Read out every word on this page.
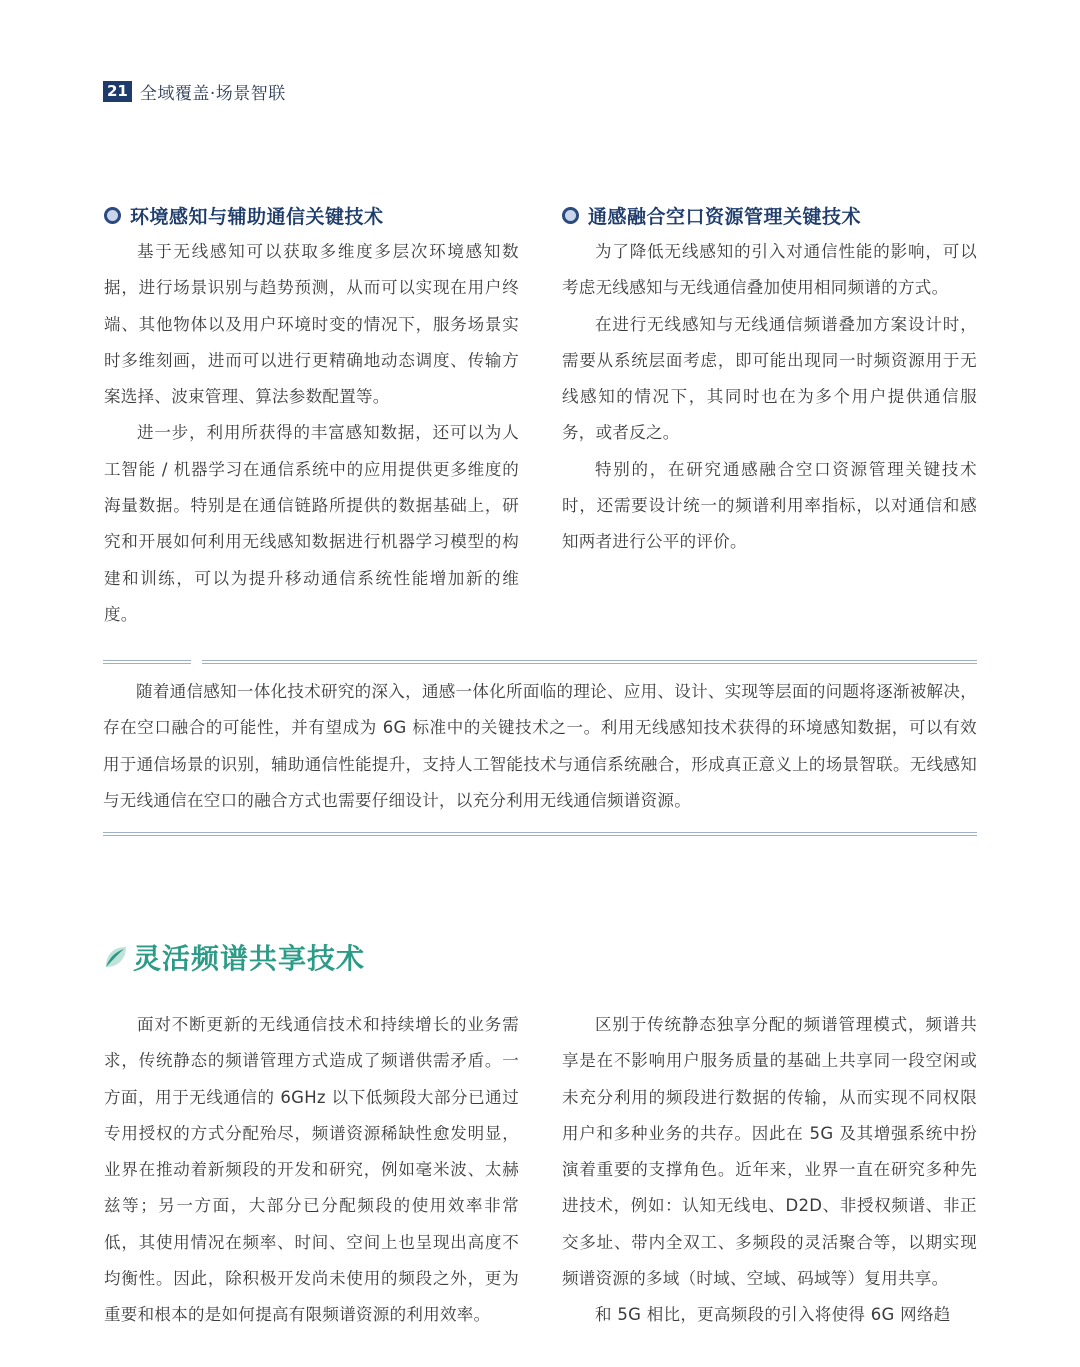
21 全域覆盖·场景智联
环境感知与辅助通信关键技术

基于无线感知可以获取多维度多层次环境感知数据，进行场景识别与趋势预测，从而可以实现在用户终端、其他物体以及用户环境时变的情况下，服务场景实时多维刻画，进而可以进行更精确地动态调度、传输方案选择、波束管理、算法参数配置等。

进一步，利用所获得的丰富感知数据，还可以为人工智能 / 机器学习在通信系统中的应用提供更多维度的海量数据。特别是在通信链路所提供的数据基础上，研究和开展如何利用无线感知数据进行机器学习模型的构建和训练，可以为提升移动通信系统性能增加新的维度。

通感融合空口资源管理关键技术

为了降低无线感知的引入对通信性能的影响，可以考虑无线感知与无线通信叠加使用相同频谱的方式。

在进行无线感知与无线通信频谱叠加方案设计时，需要从系统层面考虑，即可能出现同一时频资源用于无线感知的情况下，其同时也在为多个用户提供通信服务，或者反之。

特别的，在研究通感融合空口资源管理关键技术时，还需要设计统一的频谱利用率指标，以对通信和感知两者进行公平的评价。

随着通信感知一体化技术研究的深入，通感一体化所面临的理论、应用、设计、实现等层面的问题将逐渐被解决，存在空口融合的可能性，并有望成为 6G 标准中的关键技术之一。利用无线感知技术获得的环境感知数据，可以有效用于通信场景的识别，辅助通信性能提升，支持人工智能技术与通信系统融合，形成真正意义上的场景智联。无线感知与无线通信在空口的融合方式也需要仔细设计，以充分利用无线通信频谱资源。

灵活频谱共享技术

面对不断更新的无线通信技术和持续增长的业务需求，传统静态的频谱管理方式造成了频谱供需矛盾。一方面，用于无线通信的 6GHz 以下低频段大部分已通过专用授权的方式分配殆尽，频谱资源稀缺性愈发明显，业界在推动着新频段的开发和研究，例如毫米波、太赫兹等；另一方面，大部分已分配频段的使用效率非常低，其使用情况在频率、时间、空间上也呈现出高度不均衡性。因此，除积极开发尚未使用的频段之外，更为重要和根本的是如何提高有限频谱资源的利用效率。

区别于传统静态独享分配的频谱管理模式，频谱共享是在不影响用户服务质量的基础上共享同一段空闲或未充分利用的频段进行数据的传输，从而实现不同权限用户和多种业务的共存。因此在 5G 及其增强系统中扮演着重要的支撑角色。近年来，业界一直在研究多种先进技术，例如：认知无线电、D2D、非授权频谱、非正交多址、带内全双工、多频段的灵活聚合等，以期实现频谱资源的多域（时域、空域、码域等）复用共享。

和 5G 相比，更高频段的引入将使得 6G 网络趋
